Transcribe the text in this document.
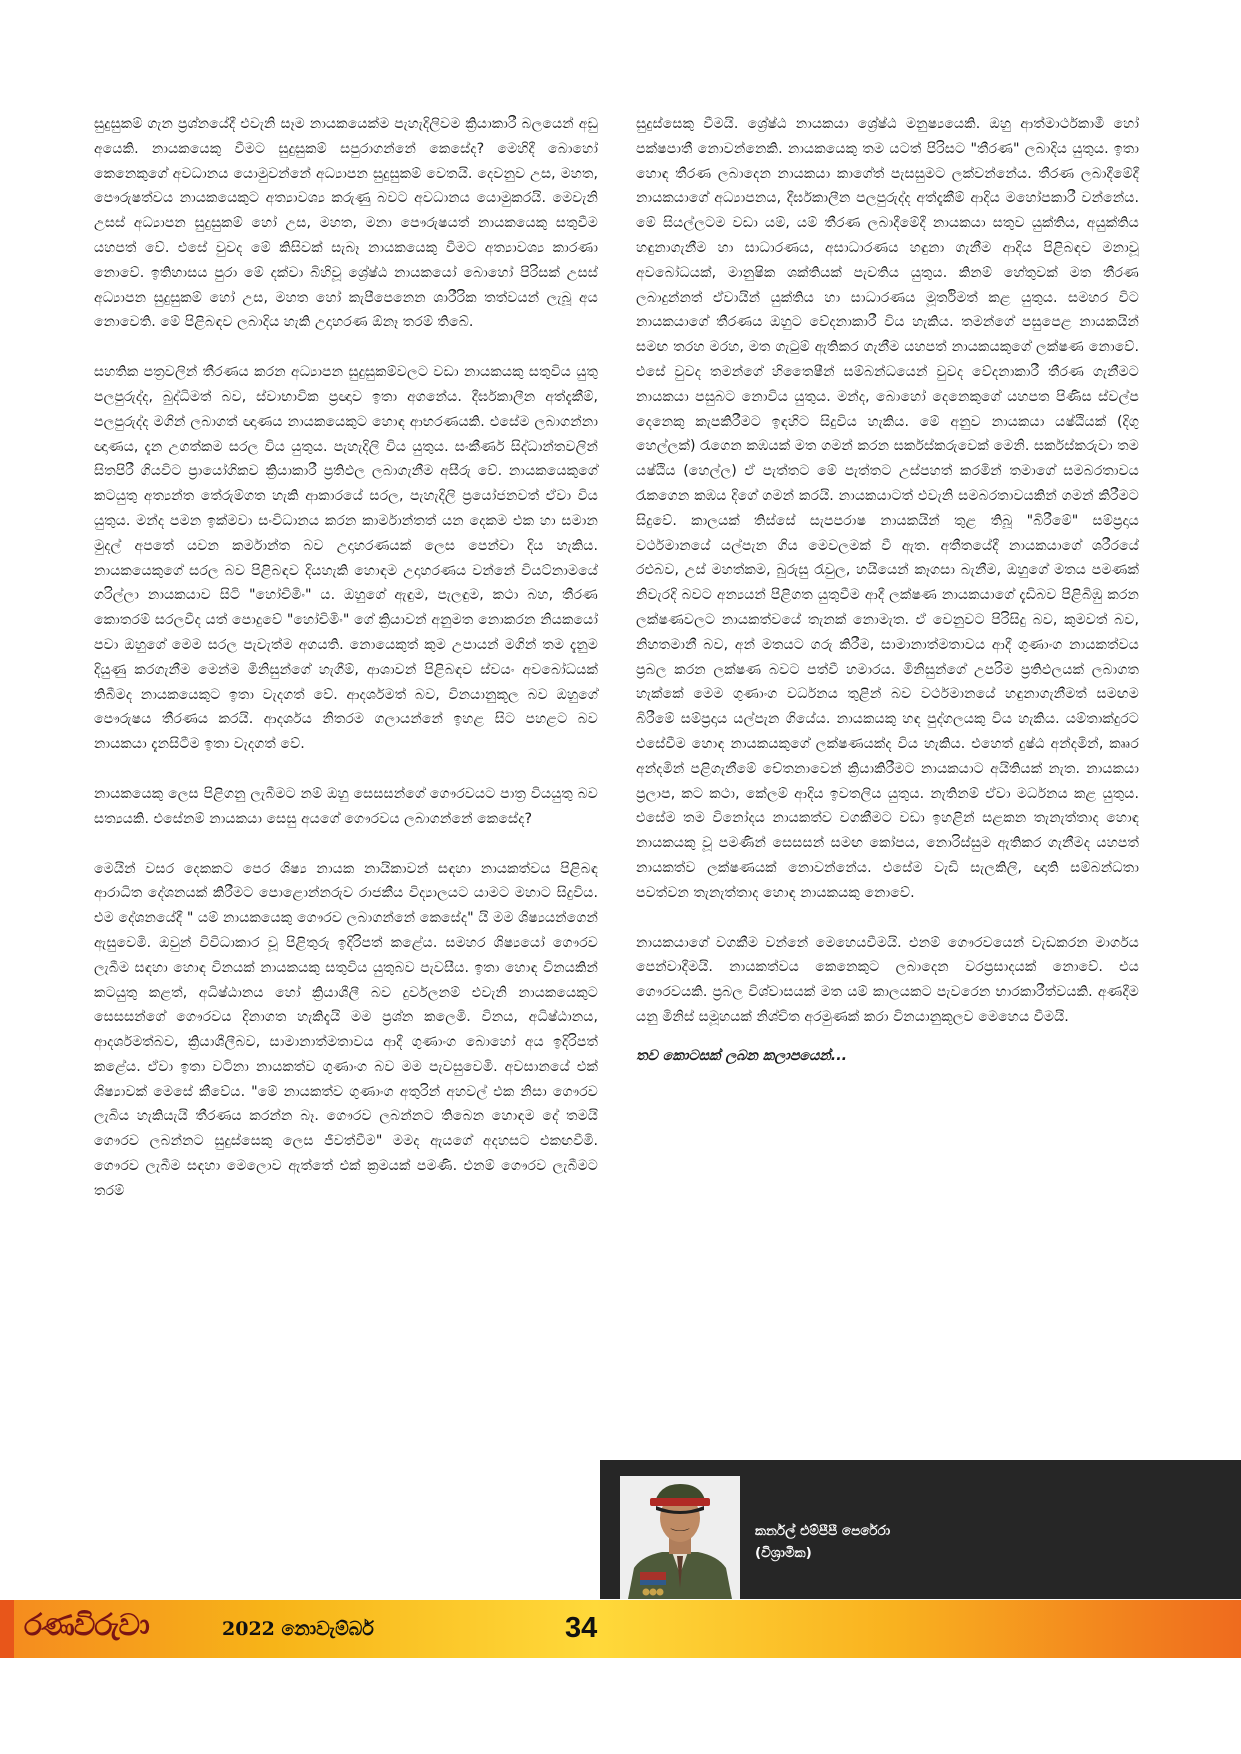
සුදුසුකම් ගැන ප්‍රශ්නයේදී එවැනි සෑම නායකයෙක්ම පැහැදිලිවම ක්‍රියාකාරී බලයෙන් අඩු අයෙකි. නායකයෙකු වීමට සුදුසුකම් සපුරාගන්නේ කෙසේද? මෙහිදී බොහෝ කෙනෙකුගේ අවධානය යොමුවන්නේ අධ්‍යාපන සුදුසුකම් වෙතයි. දෙවනුව උස, මහත, පෞරුෂත්වය නායකයෙකුට අත්‍යාවශ්‍ය කරුණු බවට අවධානය යොමුකරයි. මෙවැනි උසස් අධ්‍යාපන සුදුසුකම් හෝ උස, මහත, මනා පෞරුෂයත් නායකයෙකු සතුවීම යහපත් වේ. එසේ වුවද මේ කිසිවක් සැබෑ නායකයෙකු වීමට අත්‍යාවශ්‍ය කාරණා නොවේ. ඉතිහාසය පුරා මේ දක්වා බිහිවූ ශ්‍රේෂ්ඨ නායකයෝ බොහෝ පිරිසක් උසස් අධ්‍යාපන සුදුසුකම් හෝ උස, මහත හෝ කැපීපෙනෙන ශාරීරික තත්වයන් ලැබූ අය නොවෙති. මේ පිළිබඳව ලබාදිය හැකි උදාහරණ ඕනෑ තරම් තිබේ.

සහතික පත්‍රවලින් තීරණය කරන අධ්‍යාපන සුදුසුකම්වලට වඩා නායකයකු සතුවිය යුතු පලපුරුද්ද, බුද්ධිමත් බව, ස්වාභාවික ප්‍රඥාව ඉතා අගනේය. දීර්ඝකාලීන අත්දැකීම්, පලපුරුද්ද මගින් ලබාගත් ඥාණය නායකයෙකුට හොඳ ආභරණයකි. එසේම ලබාගන්නා ඥාණය, දැන උගත්කම සරල විය යුතුය. පැහැදිලි විය යුතුය. සංකීර්ණ සිද්ධාන්තවලින් සිතපිරී ගියවිට ප්‍රායෝගිකව ක්‍රියාකාරී ප්‍රතිඵල ලබාගැනීම අසීරු වේ. නායකයෙකුගේ කටයුතු අත්‍යන්ත තේරුම්ගත හැකි ආකාරයේ සරල, පැහැදිලි ප්‍රයෝජනවත් ඒවා විය යුතුය. මන්ද පමන ඉක්මවා සංවිධානය කරන කාර්මාන්තත් යන දෙකම එක හා සමාන මුදල් අපතේ යවන කර්මාන්ත බව උදාහරණයක් ලෙස පෙන්වා දිය හැකිය. නායකයෙකුගේ සරල බව පිළිබඳව දියහැකි හොඳම උදාහරණය වන්නේ වියට්නාමයේ ගරිල්ලා නායකයාව සිටි "හෝචිමිං" ය. ඔහුගේ ඇඳුම, පැලඳුම, කථා බහ, තීරණ කොතරම් සරලවීද යත් පොදුවේ "හෝචිමිං" ගේ ක්‍රියාවන් අනුමත නොකරන නියකයෝ පවා ඔහුගේ මෙම සරල පැවැත්ම අගයති. නොයෙකුත් කුම උපායන් මගින් තම දැනුම දියුණු කරගැනීම මෙන්ම මිනිසුන්ගේ හැගීම්, ආශාවන් පිළිබඳව ස්වයං අවබෝධයක් තිබීමද නායකයෙකුට ඉතා වැදගත් වේ. ආදර්ශමත් බව, විනයානුකූල බව ඔහුගේ පෞරුෂය තීරණය කරයි. ආදර්ශය නිතරම ගලායන්නේ ඉහළ සිට පහළට බව නායකයා දැනසිටීම ඉතා වැදගත් වේ.

නායකයෙකු ලෙස පිළිගනු ලැබීමට නම් ඔහු සෙසසන්ගේ ගෞරවයට පාත්‍ර වියයුතු බව සත්‍යයකි. එසේනම් නායකයා සෙසු අයගේ ගෞරවය ලබාගන්නේ කෙසේද?

මෙයින් වසර දෙකකට පෙර ශිෂ්‍ය නායක නායිකාවන් සඳහා නායකත්වය පිළිබඳ ආරාධිත දේශනයක් කිරීමට පොළොන්නරුව රාජකීය විද්‍යාලයට යාමට මහාට සිදුවිය. එම දේශනයේදී " යම් නායකයෙකු ගෞරව ලබාගන්නේ කෙසේද" යි මම ශිෂ්‍යයන්ගෙන් ඇසුවෙමි. ඔවුන් විවිධාකාර වූ පිළිතුරු ඉදිරිපත් කළේය. සමහර ශිෂ්‍යයෝ ගෞරව ලැබීම සඳහා හොඳ විනයක් නායකයකු සතුවිය යුතුබව පැවසීය. ඉතා හොඳ විනයකින් කටයුතු කළත්, අධිෂ්ඨානය හෝ ක්‍රියාශීලී බව දුර්වලනම් එවැනි නායකයෙකුට සෙසසන්ගේ ගෞරවය දිනාගත හැකිදැයි මම ප්‍රශ්න කලෙමි. විනය, අධිෂ්ඨානය, ආදර්ශමත්බව, ක්‍රියාශීලීබව, සාමානාත්මතාවය ආදී ගුණාංග බොහෝ අය ඉදිරිපත් කළේය. ඒවා ඉතා වටිනා නායකත්ව ගුණාංග බව මම පැවසුවෙමි. අවසානයේ එක් ශිෂ්‍යාවක් මෙසේ කීවේය. "මේ නායකත්ව ගුණාංග අතුරින් අහවල් එක නිසා ගෞරව ලැබිය හැකියැයි තීරණය කරන්න බෑ. ගෞරව ලබන්නට තිබෙන හොඳම දේ තමයි ගෞරව ලබන්නට සුදුස්සෙකු ලෙස ජීවත්වීම" මමද ඇයගේ අදහසට එකඟවීමි. ගෞරව ලැබීම සඳහා මෙලොව ඇත්තේ එක් ක්‍රමයක් පමණි. එනම් ගෞරව ලැබීමට තරම්

සුදුස්සෙකු වීමයි. ශ්‍රේෂ්ඨ නායකයා ශ්‍රේෂ්ඨ මනුෂ්‍යයෙකි. ඔහු ආත්මාර්ථකාමී හෝ පක්ෂපාතී නොවන්නෙකි. නායකයෙකු තම යටත් පිරිසට "තීරණ" ලබාදිය යුතුය. ඉතා හොඳ තීරණ ලබාදෙන නායකයා කාගේත් පැසසුමට ලක්වන්නේය. තීරණ ලබාදීමේදී නායකයාගේ අධ්‍යාපනය, දීර්ඝකාලීන පලපුරුද්ද අත්දැකීම් ආදිය මහෝපකාරී වන්නේය. මේ සියල්ලටම වඩා යම්, යම් තීරණ ලබාදීමේදී නායකයා සතුව යුක්තිය, අයුක්තිය හඳුනාගැනීම හා සාධාරණය, අසාධාරණය හඳුනා ගැනීම ආදිය පිළිබඳව මනාවූ අවබෝධයක්, මානුෂික ශක්තියක් පැවතිය යුතුය. කිනම් හේතුවක් මත තීරණ ලබාදුන්නත් ඒවායින් යුක්තිය හා සාධාරණය මූර්තිමත් කළ යුතුය. සමහර විට නායකයාගේ තීරණය ඔහුට වේදනාකාරී විය හැකිය. තමන්ගේ පසුපෙළ නායකයින් සමඟ තරහ මරහ, මත ගැටුම් ඇතිකර ගැනීම යහපත් නායකයකුගේ ලක්ෂණ නොවේ. එසේ වුවද තමන්ගේ හිතෛෂීන් සම්බන්ධයෙන් වුවද වේදනාකාරී තීරණ ගැනීමට නායකයා පසුබට නොවිය යුතුය. මන්ද, බොහෝ දෙනෙකුගේ යහපත පිණිස ස්වල්ප දෙනෙකු කැපකිරීමට ඉඳහිට සිදුවිය හැකිය. මේ අනුව නායකයා යෂ්ඨියක් (දිගු හෙල්ලක්) රැගෙන කඹයක් මත ගමන් කරන සර්කස්කරුවෙක් මෙනි. සර්කස්කරුවා තම යෂ්ඨිය (හෙල්ල) ඒ පැත්තට මේ පැත්තට උස්පහත් කරමින් තමාගේ සමබරතාවය රැකගෙන කඹය දිගේ ගමන් කරයි. නායකයාටත් එවැනි සමබරතාවයකින් ගමන් කිරීමට සිදුවේ. කාලයක් තිස්සේ සැපපරාෂ නායකයින් තුළ තිබූ "බිරීමේ" සම්ප්‍රදාය වර්ථමානයේ යල්පැන ගිය මෙවලමක් වී ඇත. අතීතයේදී නායකයාගේ ශරීරයේ රළුබව, උස් මහත්කම, බුරුසු රැවුල, හයියෙන් කෑගසා බැනීම, ඔහුගේ මතය පමණක් නිවැරදි බවට අන්‍යයන් පිළිගත යුතුවීම ආදී ලක්ෂණ නායකයාගේ දැඩිබව පිළිබිඹු කරන ලක්ෂණවලට නායකත්වයේ තැනක් නොමැත. ඒ වෙනුවට පිරිසිදු බව, කුමවත් බව, නිහතමානී බව, අන් මතයට ගරු කිරීම, සාමානාත්මතාවය ආදී ගුණාංග නායකත්වය ප්‍රබල කරන ලක්ෂණ බවට පත්වී හමාරය. මිනිසුන්ගේ උපරිම ප්‍රතිඵලයක් ලබාගත හැක්කේ මෙම ගුණාංග වර්ධනය තුළින් බව වර්ථමානයේ හඳුනාගැනීමත් සමඟම බිරීමේ සම්ප්‍රදාය යල්පැන ගියේය. නායකයකු හඳ පුද්ගලයකු විය හැකිය. යම්තාක්දුරට එසේවීම හොඳ නායකයකුගේ ලක්ෂණයක්ද විය හැකිය. එහෙත් දුෂ්ඨ අන්දමින්, කෲර අන්දමින් පළිගැනීමේ චේතනාවෙන් ක්‍රියාකිරීමට නායකයාට අයිතියක් නැත. නායකයා ප්‍රලාප, කට කථා, කේලම් ආදිය ඉවතලිය යුතුය. නැතිනම් ඒවා මර්ධනය කළ යුතුය. එසේම තම විනෝදය නායකත්ව වගකීමට වඩා ඉහළින් සළකන තැනැත්තාද හොඳ නායකයකු වූ පමණින් සෙසසන් සමඟ කෝපය, නොරිස්සුම ඇතිකර ගැනීමද යහපත් නායකත්ව ලක්ෂණයක් නොවන්නේය. එසේම වැඩි සැලකිලි, ඥාති සම්බන්ධතා පවත්වන තැනැත්තාද හොඳ නායකයකු නොවේ.

නායකයාගේ වගකීම වන්නේ මෙහෙයවීමයි. එනම් ගෞරවයෙන් වැඩකරන මාර්ගය පෙන්වාදීමයි. නායකත්වය කෙනෙකුට ලබාදෙන වරප්‍රසාදයක් නොවේ. එය ගෞරවයකි. ප්‍රබල විශ්වාසයක් මත යම් කාලයකට පැවරෙන භාරකාරීත්වයකි. අණදීම යනු මිනිස් සමූහයක් නිශ්චිත අරමුණක් කරා විනයානුකූලව මෙහෙය වීමයි.

තව කොටසක් ලබන කලාපයෙන්...

කර්නල් එම්පීපී පෙරේරා
(විශ්‍රාමික)
රණවිරුවා	2022 නොවැම්බර්	34
